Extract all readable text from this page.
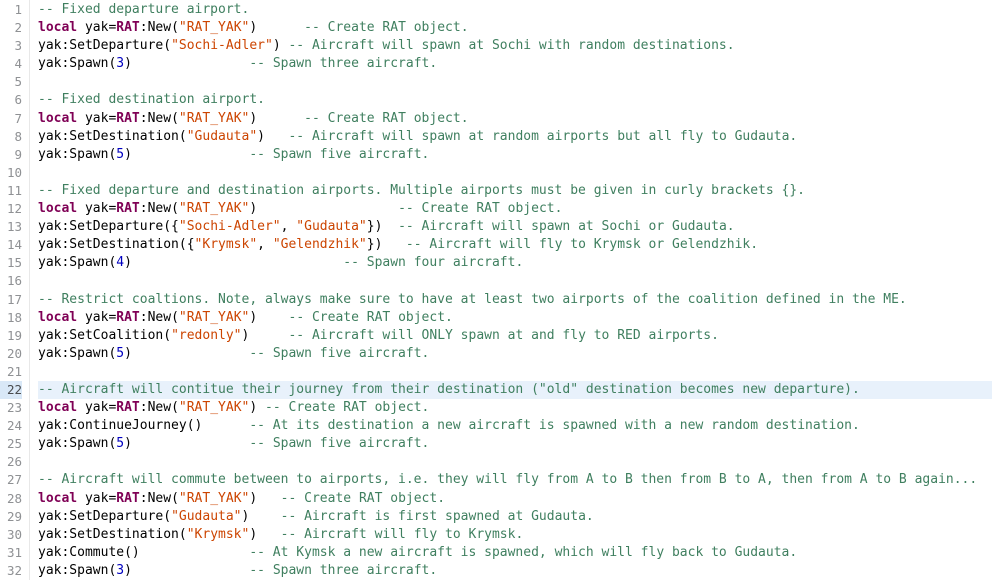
1
2
3
4
5
6
7
8
9
10
11
12
13
14
15
16
17
18
19
20
21
22
23
24
25
26
27
28
29
30
31
32
-- Fixed departure airport.
local yak=RAT:New("RAT_YAK")      -- Create RAT object.
yak:SetDeparture("Sochi-Adler") -- Aircraft will spawn at Sochi with random destinations.
yak:Spawn(3)               -- Spawn three aircraft.

-- Fixed destination airport.
local yak=RAT:New("RAT_YAK")      -- Create RAT object.
yak:SetDestination("Gudauta")   -- Aircraft will spawn at random airports but all fly to Gudauta.
yak:Spawn(5)               -- Spawn five aircraft.

-- Fixed departure and destination airports. Multiple airports must be given in curly brackets {}.
local yak=RAT:New("RAT_YAK")                  -- Create RAT object.
yak:SetDeparture({"Sochi-Adler", "Gudauta"})  -- Aircraft will spawn at Sochi or Gudauta.
yak:SetDestination({"Krymsk", "Gelendzhik"})   -- Aircraft will fly to Krymsk or Gelendzhik.
yak:Spawn(4)                           -- Spawn four aircraft.

-- Restrict coaltions. Note, always make sure to have at least two airports of the coalition defined in the ME.
local yak=RAT:New("RAT_YAK")    -- Create RAT object.
yak:SetCoalition("redonly")     -- Aircraft will ONLY spawn at and fly to RED airports.
yak:Spawn(5)               -- Spawn five aircraft.

-- Aircraft will contitue their journey from their destination ("old" destination becomes new departure).
local yak=RAT:New("RAT_YAK") -- Create RAT object.
yak:ContinueJourney()      -- At its destination a new aircraft is spawned with a new random destination.
yak:Spawn(5)               -- Spawn five aircraft.

-- Aircraft will commute between to airports, i.e. they will fly from A to B then from B to A, then from A to B again...
local yak=RAT:New("RAT_YAK")   -- Create RAT object.
yak:SetDeparture("Gudauta")    -- Aircraft is first spawned at Gudauta.
yak:SetDestination("Krymsk")   -- Aircraft will fly to Krymsk.
yak:Commute()              -- At Kymsk a new aircraft is spawned, which will fly back to Gudauta.
yak:Spawn(3)               -- Spawn three aircraft.
